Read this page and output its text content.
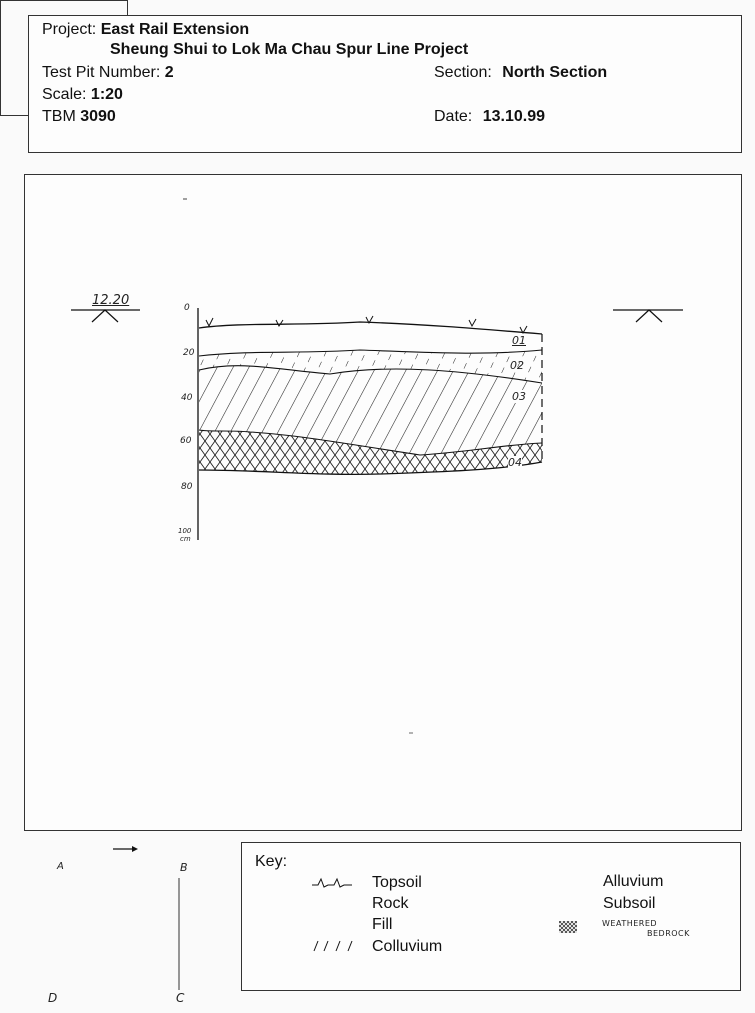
Project: East Rail Extension
Sheung Shui to Lok Ma Chau Spur Line Project
Test Pit Number: 2	Section: North Section
Scale: 1:20
TBM 3090	Date: 13.10.99
12.20	0
20
40
60
80
100
cm
01
02
03
04
A	B
C
D
Key:
Topsoil
Rock
Fill
Colluvium
Alluvium
Subsoil
WEATHERED
BEDROCK
